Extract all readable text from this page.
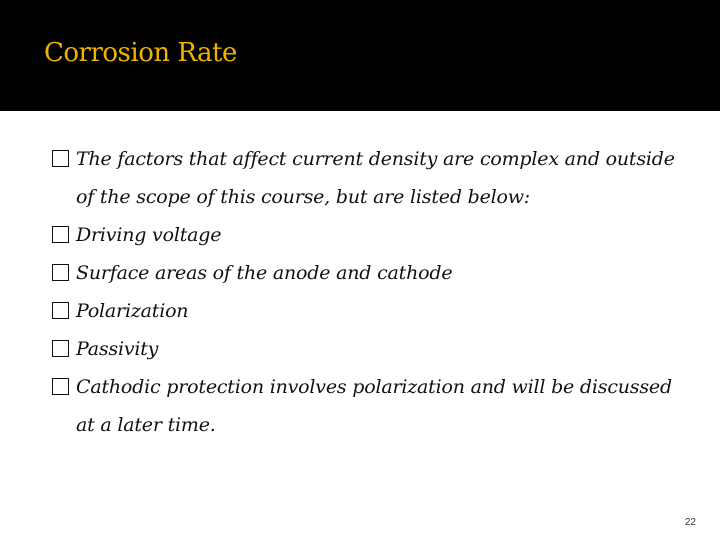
Corrosion Rate
The factors that affect current density are complex and outside of the scope of this course, but are listed below:
Driving voltage
Surface areas of the anode and cathode
Polarization
Passivity
Cathodic protection involves polarization and will be discussed at a later time.
22
